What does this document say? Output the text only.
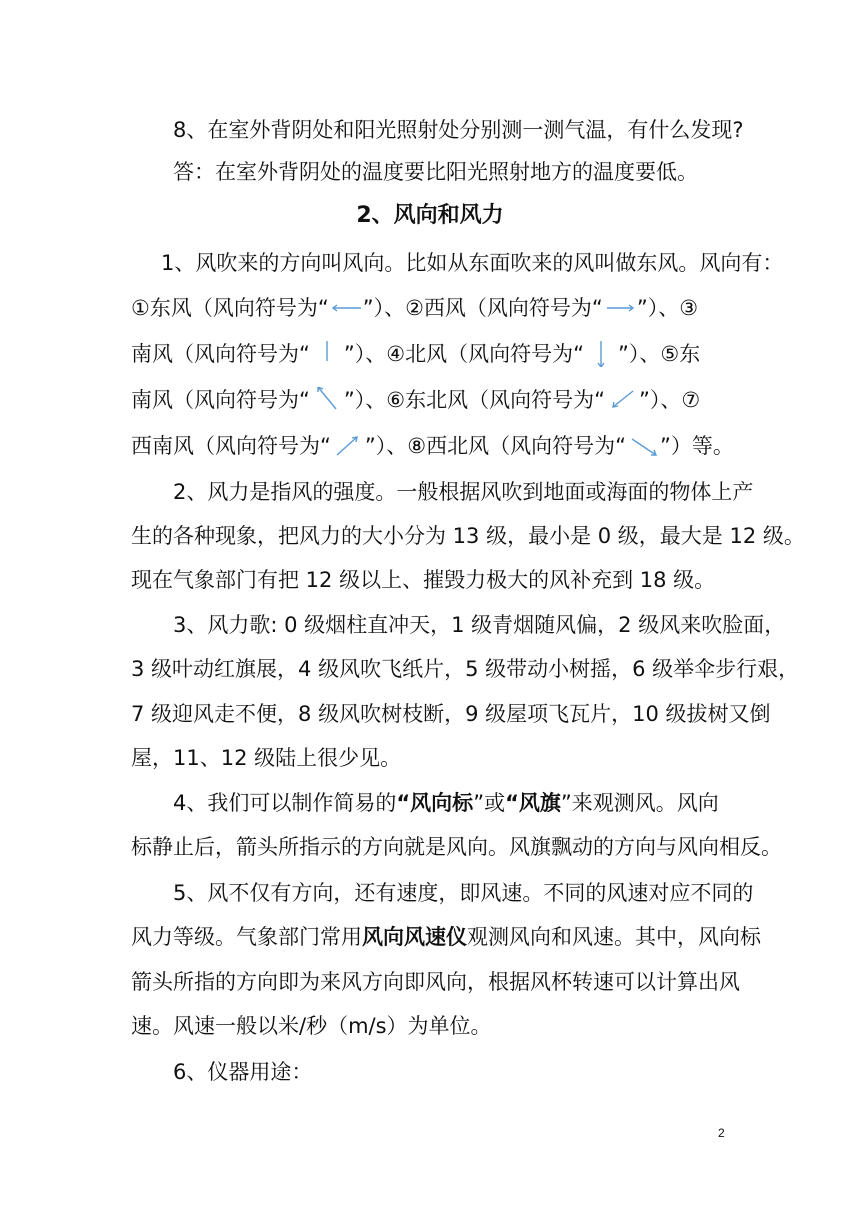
8、在室外背阴处和阳光照射处分别测一测气温，有什么发现?
答：在室外背阴处的温度要比阳光照射地方的温度要低。
2、风向和风力
1、风吹来的方向叫风向。比如从东面吹来的风叫做东风。风向有：
①东风（风向符号为“ ”）、②西风（风向符号为“ ”）、③
南风（风向符号为“ ”）、④北风（风向符号为“ ”）、⑤东
南风（风向符号为“ ”）、⑥东北风（风向符号为“ ”）、⑦
西南风（风向符号为“ ”）、⑧西北风（风向符号为“ ”）等。
2、风力是指风的强度。一般根据风吹到地面或海面的物体上产
生的各种现象，把风力的大小分为 13 级，最小是 0 级，最大是 12 级。
现在气象部门有把 12 级以上、摧毁力极大的风补充到 18 级。
3、风力歌: 0 级烟柱直冲天，1 级青烟随风偏，2 级风来吹脸面，
3 级叶动红旗展，4 级风吹飞纸片，5 级带动小树摇，6 级举伞步行艰，
7 级迎风走不便，8 级风吹树枝断，9 级屋项飞瓦片，10 级拔树又倒
屋，11、12 级陆上很少见。
4、我们可以制作简易的“风向标”或“风旗”来观测风。风向
标静止后，箭头所指示的方向就是风向。风旗飘动的方向与风向相反。
5、风不仅有方向，还有速度，即风速。不同的风速对应不同的
风力等级。气象部门常用风向风速仪观测风向和风速。其中，风向标
箭头所指的方向即为来风方向即风向，根据风杯转速可以计算出风
速。风速一般以米/秒（m/s）为单位。
6、仪器用途：
2
